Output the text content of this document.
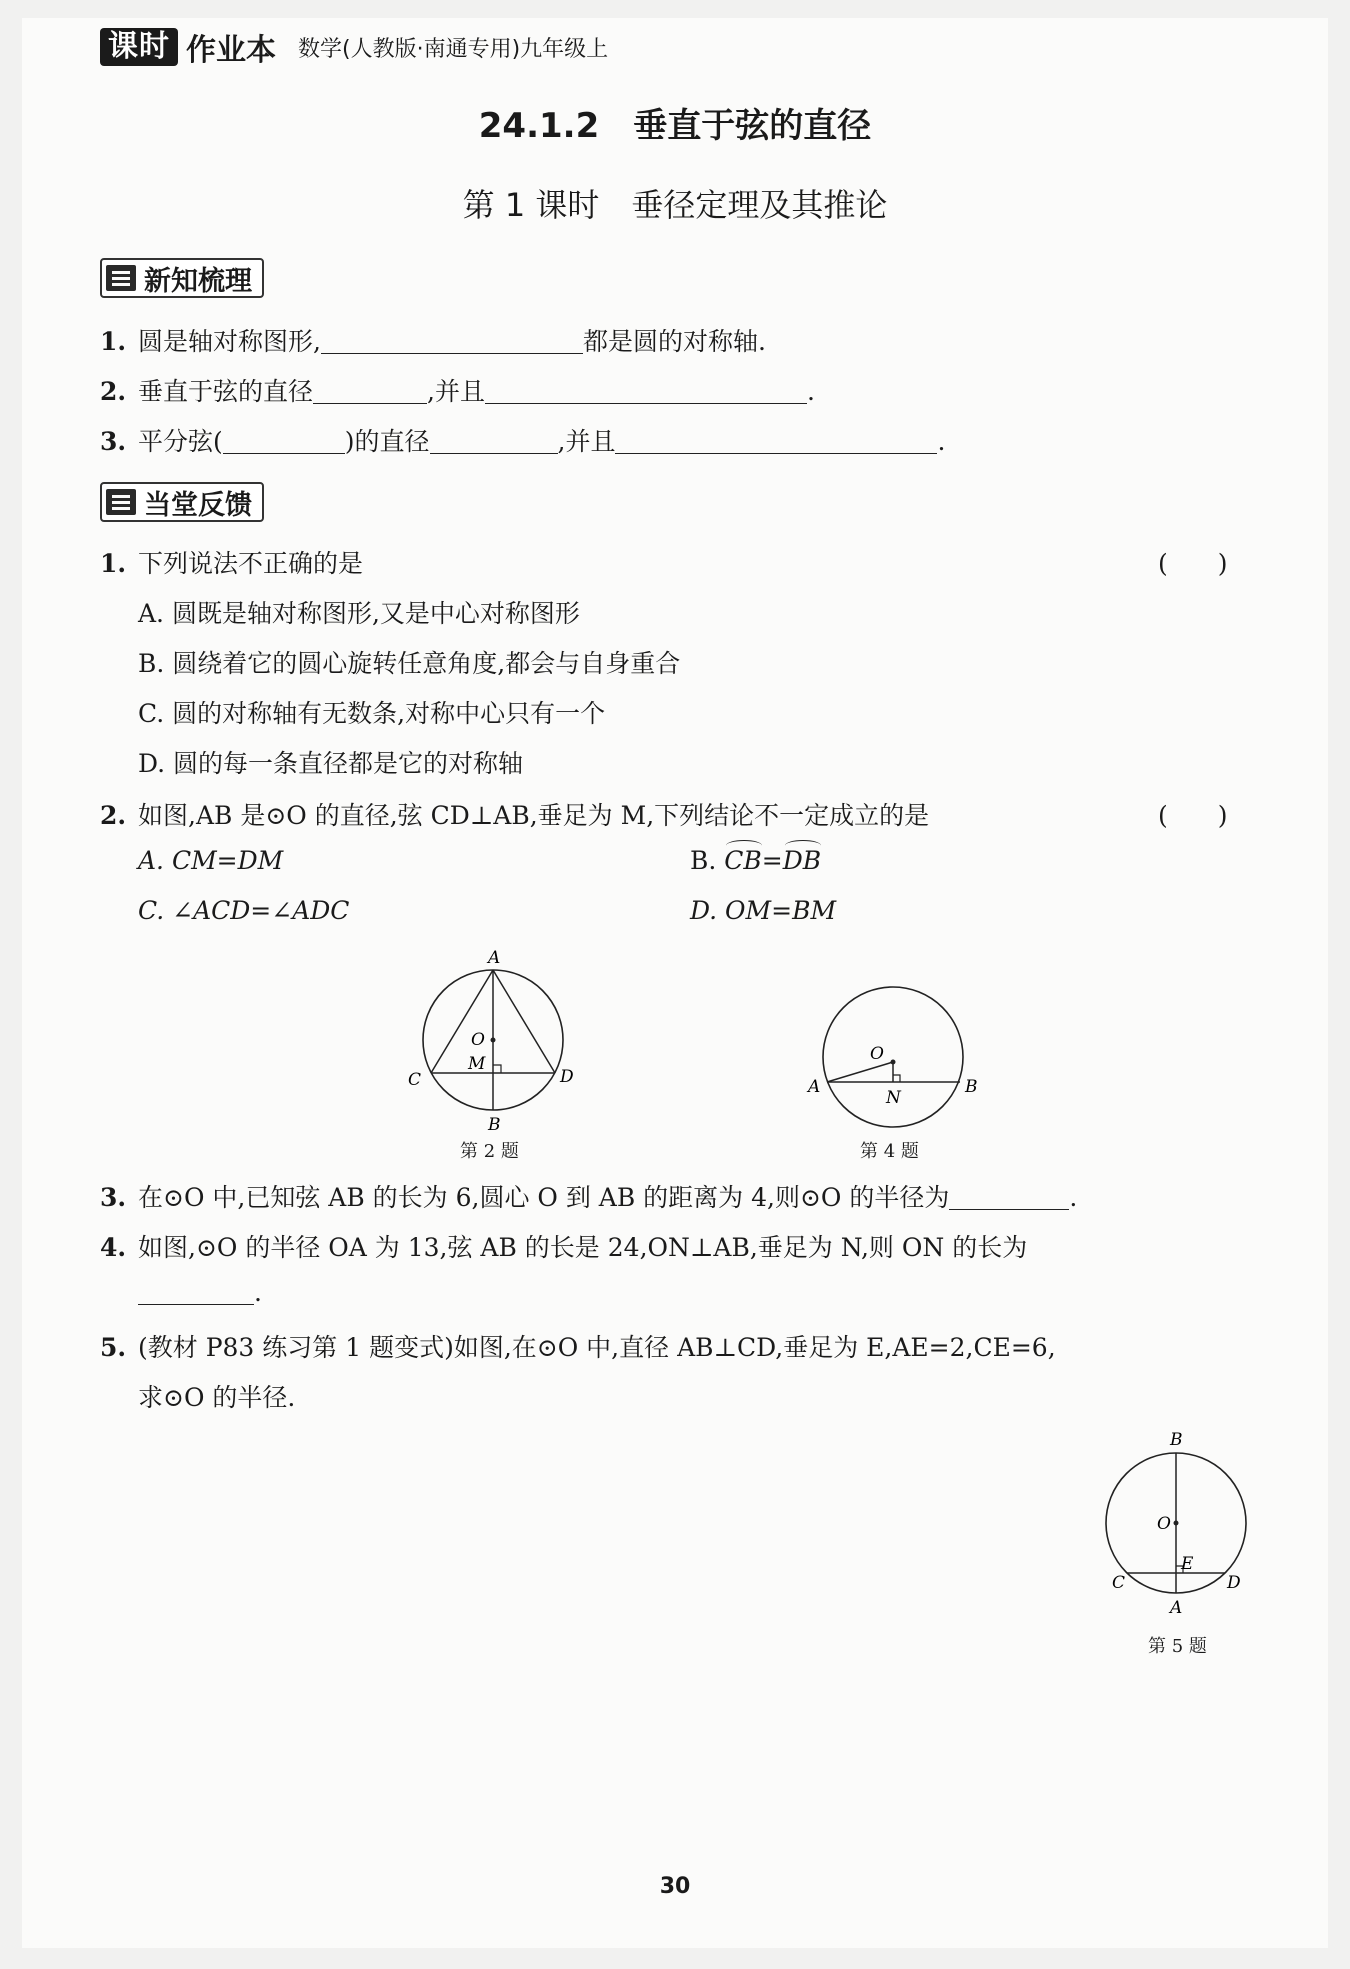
课时 作业本 数学(人教版·南通专用)九年级上
24.1.2　垂直于弦的直径
第 1 课时　垂径定理及其推论
新知梳理
1. 圆是轴对称图形,	都是圆的对称轴.
2. 垂直于弦的直径	,并且	.
3. 平分弦(	)的直径	,并且	.
当堂反馈
1. 下列说法不正确的是	(　　)
A. 圆既是轴对称图形,又是中心对称图形
B. 圆绕着它的圆心旋转任意角度,都会与自身重合
C. 圆的对称轴有无数条,对称中心只有一个
D. 圆的每一条直径都是它的对称轴
2. 如图,AB 是⊙O 的直径,弦 CD⊥AB,垂足为 M,下列结论不一定成立的是	(　　)
A. CM=DM	B.
CB=
DB
C. ∠ACD=∠ADC	D. OM=BM
A
B
C	D
O
M
第 2 题
A	B
O
N
第 4 题
3. 在⊙O 中,已知弦 AB 的长为 6,圆心 O 到 AB 的距离为 4,则⊙O 的半径为	.
4. 如图,⊙O 的半径 OA 为 13,弦 AB 的长是 24,ON⊥AB,垂足为 N,则 ON 的长为
.
5. (教材 P83 练习第 1 题变式)如图,在⊙O 中,直径 AB⊥CD,垂足为 E,AE=2,CE=6,
求⊙O 的半径.
B
A
C	D
O
E
第 5 题
30
